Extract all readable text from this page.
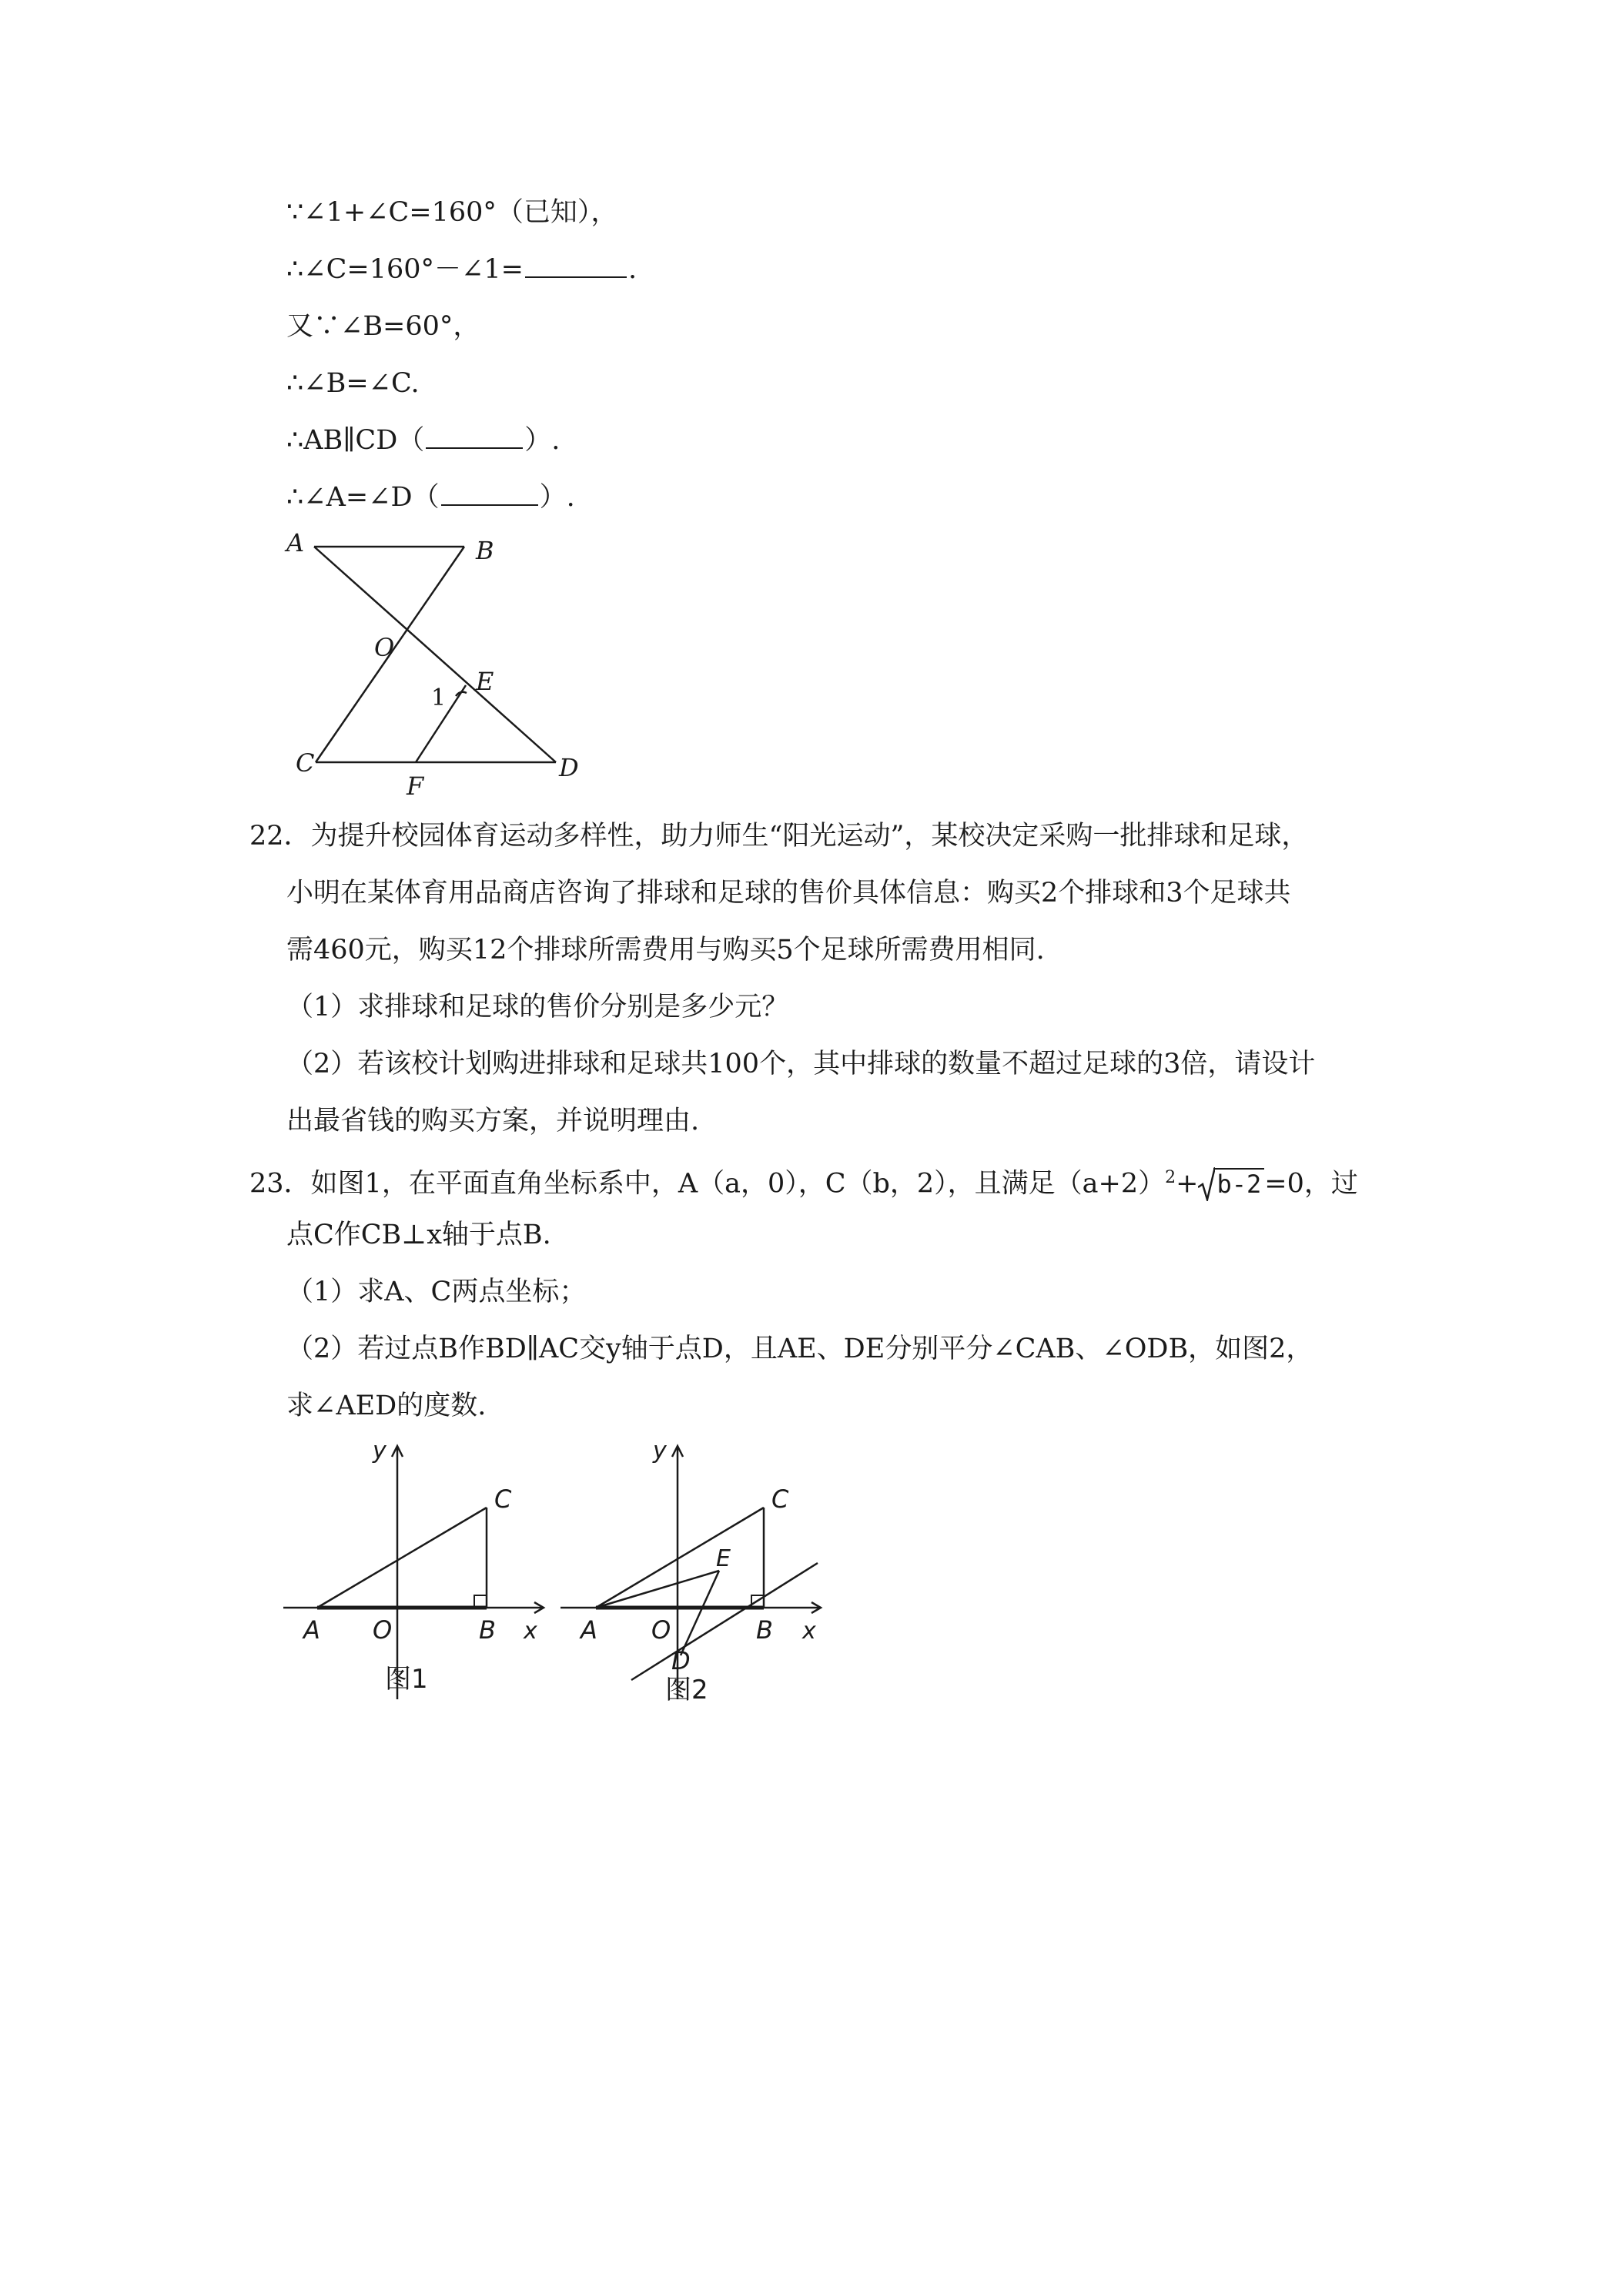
∵∠1+∠C=160°（已知），
∴∠C=160°－∠1=	.
又∵∠B=60°，
∴∠B=∠C.
∴AB∥CD（	）.
∴∠A=∠D（	）.
A	B
O
E
1
C
F
D
22．为提升校园体育运动多样性，助力师生“阳光运动”，某校决定采购一批排球和足球，
小明在某体育用品商店咨询了排球和足球的售价具体信息：购买2个排球和3个足球共
需460元，购买12个排球所需费用与购买5个足球所需费用相同.
（1）求排球和足球的售价分别是多少元？
（2）若该校计划购进排球和足球共100个，其中排球的数量不超过足球的3倍，请设计
出最省钱的购买方案，并说明理由.
23．如图1，在平面直角坐标系中，A（a，0），C（b，2），且满足$(a+2)^2+ b-2 =0$，过
点C作CB⊥x轴于点B.
（1）求A、C两点坐标；
（2）若过点B作BD∥AC交y轴于点D，且AE、DE分别平分∠CAB、∠ODB，如图2，
求∠AED的度数.
y
C
A O	B x
图1
y
C
E
A O	B x
D
图2
